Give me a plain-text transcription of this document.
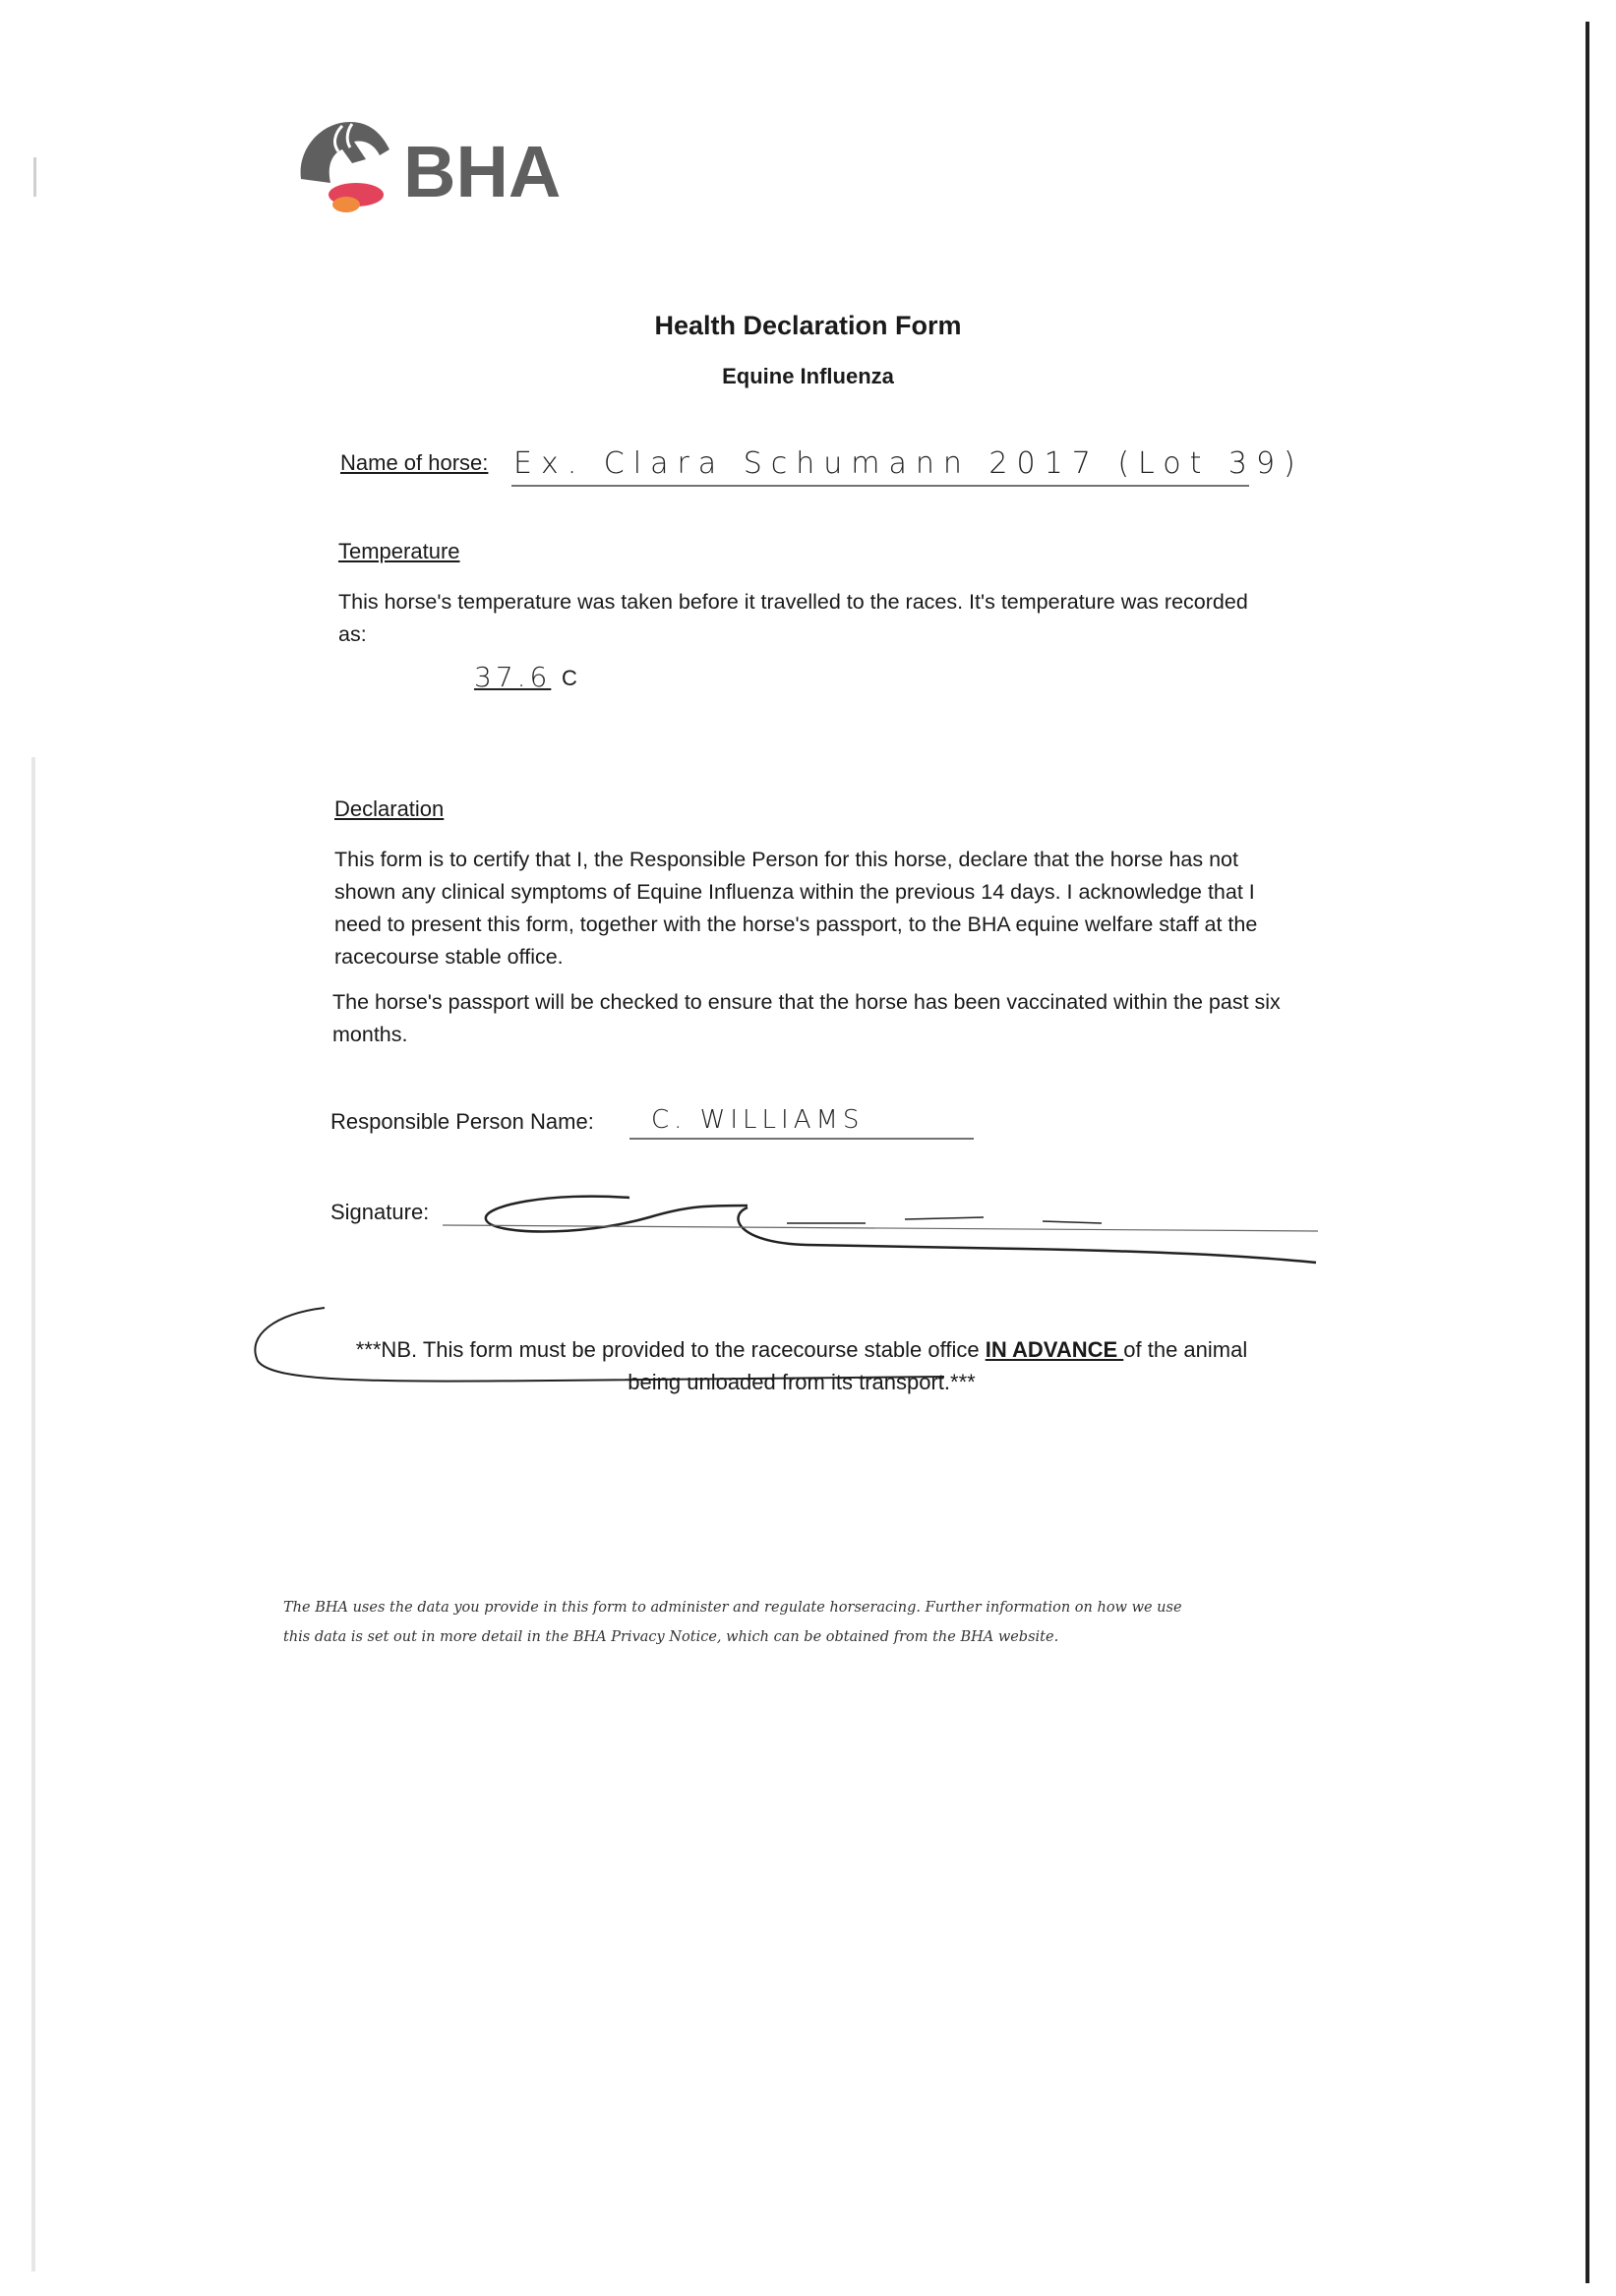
BHA
Health Declaration Form
Equine Influenza
Name of horse: Ex. Clara Schumann 2017 (Lot 39)
Temperature
This horse's temperature was taken before it travelled to the races. It's temperature was recorded as:
37.6 C
Declaration
This form is to certify that I, the Responsible Person for this horse, declare that the horse has not shown any clinical symptoms of Equine Influenza within the previous 14 days. I acknowledge that I need to present this form, together with the horse's passport, to the BHA equine welfare staff at the racecourse stable office.
The horse's passport will be checked to ensure that the horse has been vaccinated within the past six months.
Responsible Person Name: C. WILLIAMS
Signature:
***NB. This form must be provided to the racecourse stable office IN ADVANCE of the animal being unloaded from its transport.***
The BHA uses the data you provide in this form to administer and regulate horseracing. Further information on how we use
this data is set out in more detail in the BHA Privacy Notice, which can be obtained from the BHA website.
